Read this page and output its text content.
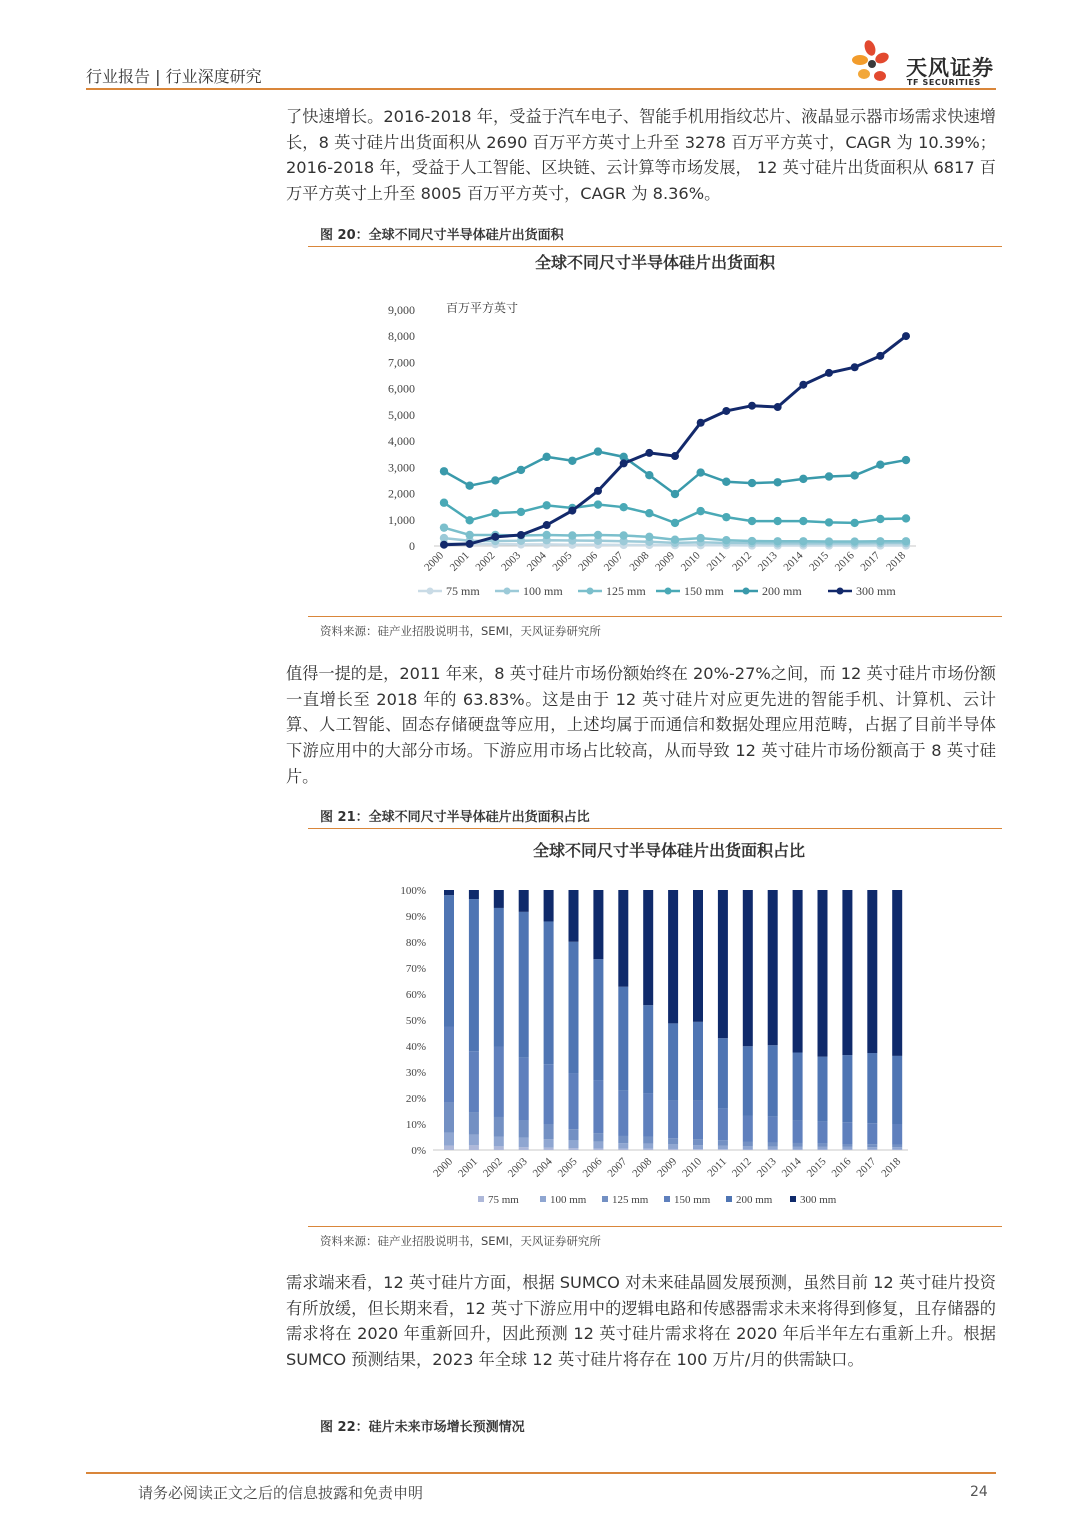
行业报告 | 行业深度研究	天风证券
TF SECURITIES

了快速增长。2016-2018 年，受益于汽车电子、智能手机用指纹芯片、液晶显示器市场需求快速增长，8 英寸硅片出货面积从 2690 百万平方英寸上升至 3278 百万平方英寸，CAGR 为 10.39%；2016-2018 年，受益于人工智能、区块链、云计算等市场发展， 12 英寸硅片出货面积从 6817 百万平方英寸上升至 8005 百万平方英寸，CAGR 为 8.36%。

图 20：全球不同尺寸半导体硅片出货面积
全球不同尺寸半导体硅片出货面积
百万平方英寸
0
1,000
2,000
3,000
4,000
5,000
6,000
7,000
8,000
9,000
2000 2001 2002 2003 2004 2005 2006 2007 2008 2009 2010 2011 2012 2013 2014 2015 2016 2017 2018
75 mm	100 mm	125 mm	150 mm	200 mm	300 mm
资料来源：硅产业招股说明书，SEMI，天风证券研究所

值得一提的是，2011 年来，8 英寸硅片市场份额始终在 20%-27%之间，而 12 英寸硅片市场份额一直增长至 2018 年的 63.83%。这是由于 12 英寸硅片对应更先进的智能手机、计算机、云计算、人工智能、固态存储硬盘等应用，上述均属于而通信和数据处理应用范畴，占据了目前半导体下游应用中的大部分市场。下游应用市场占比较高，从而导致 12 英寸硅片市场份额高于 8 英寸硅片。

图 21：全球不同尺寸半导体硅片出货面积占比
全球不同尺寸半导体硅片出货面积占比
0%
10%
20%
30%
40%
50%
60%
70%
80%
90%
100%
2000 2001 2002 2003 2004 2005 2006 2007 2008 2009 2010 2011 2012 2013 2014 2015 2016 2017 2018
75 mm	100 mm 125 mm 150 mm 200 mm	300 mm
资料来源：硅产业招股说明书，SEMI，天风证券研究所

需求端来看，12 英寸硅片方面，根据 SUMCO 对未来硅晶圆发展预测，虽然目前 12 英寸硅片投资有所放缓，但长期来看，12 英寸下游应用中的逻辑电路和传感器需求未来将得到修复，且存储器的需求将在 2020 年重新回升，因此预测 12 英寸硅片需求将在 2020 年后半年左右重新上升。根据 SUMCO 预测结果，2023 年全球 12 英寸硅片将存在 100 万片/月的供需缺口。

图 22：硅片未来市场增长预测情况
请务必阅读正文之后的信息披露和免责申明	24
